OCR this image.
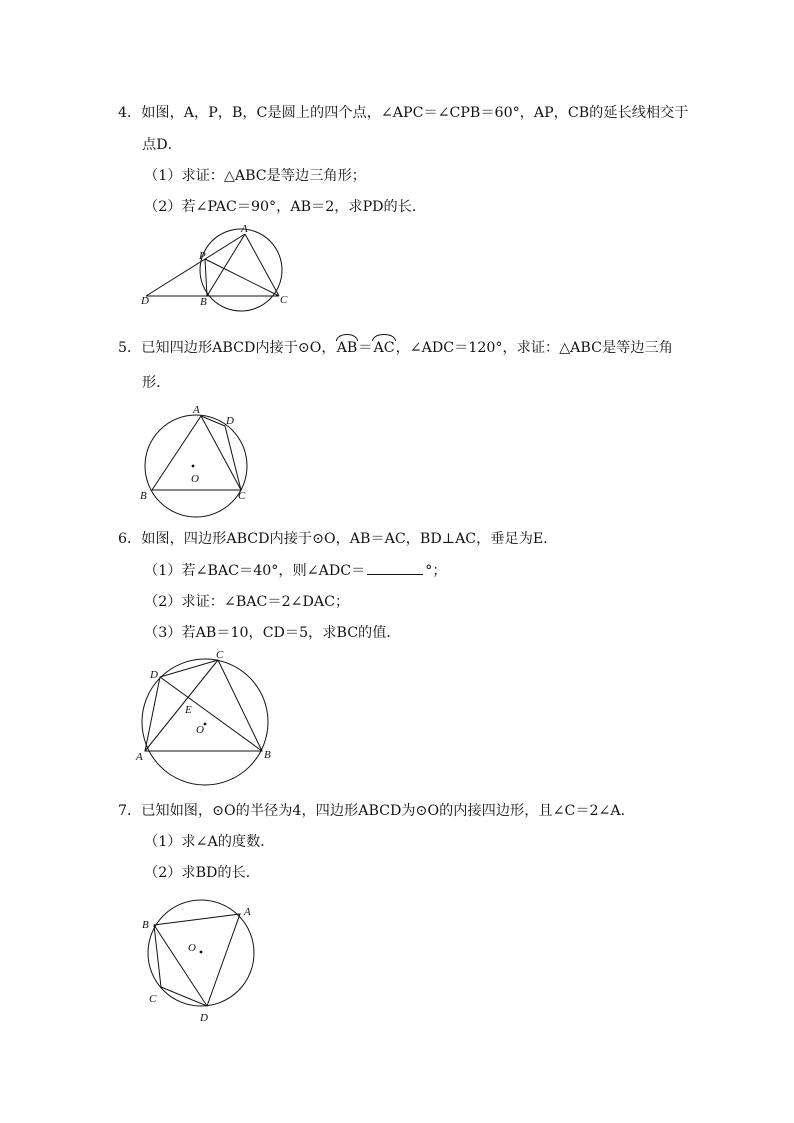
4．如图，A，P，B，C是圆上的四个点，∠APC＝∠CPB＝60°，AP，CB的延长线相交于
点D．
（1）求证：△ABC是等边三角形；
（2）若∠PAC＝90°，AB＝2，求PD的长．
A
P
B	C
D
5．已知四边形ABCD内接于⊙O，AB＝AC，∠ADC＝120°，求证：△ABC是等边三角
形．
A
D
O
B	C
6．如图，四边形ABCD内接于⊙O，AB＝AC，BD⊥AC，垂足为E．
（1）若∠BAC＝40°，则∠ADC＝	°；
（2）求证：∠BAC＝2∠DAC；
（3）若AB＝10，CD＝5，求BC的值．
C
D
E
O
A	B
7．已知如图，⊙O的半径为4，四边形ABCD为⊙O的内接四边形，且∠C＝2∠A．
（1）求∠A的度数．
（2）求BD的长．
B
A
O
C
D
